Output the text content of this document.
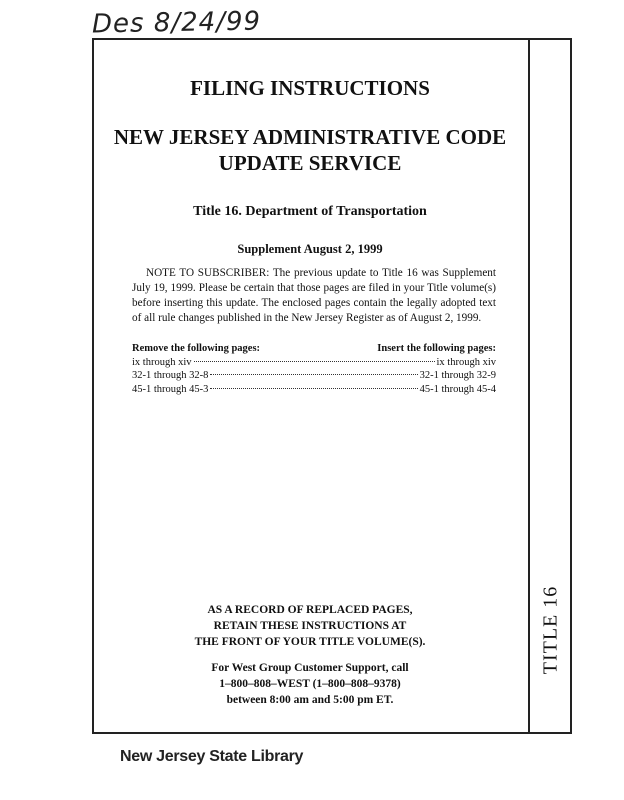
Des 8/24/99
TITLE 16
FILING INSTRUCTIONS
NEW JERSEY ADMINISTRATIVE CODE
UPDATE SERVICE
Title 16. Department of Transportation
Supplement August 2, 1999
NOTE TO SUBSCRIBER: The previous update to Title 16 was Supplement July 19, 1999. Please be certain that those pages are filed in your Title volume(s) before inserting this update. The enclosed pages contain the legally adopted text of all rule changes published in the New Jersey Register as of August 2, 1999.
Remove the following pages:	Insert the following pages:
ix through xiv	ix through xiv
32-1 through 32-8	32-1 through 32-9
45-1 through 45-3	45-1 through 45-4
AS A RECORD OF REPLACED PAGES,
RETAIN THESE INSTRUCTIONS AT
THE FRONT OF YOUR TITLE VOLUME(S).
For West Group Customer Support, call
1–800–808–WEST (1–800–808–9378)
between 8:00 am and 5:00 pm ET.
New Jersey State Library
